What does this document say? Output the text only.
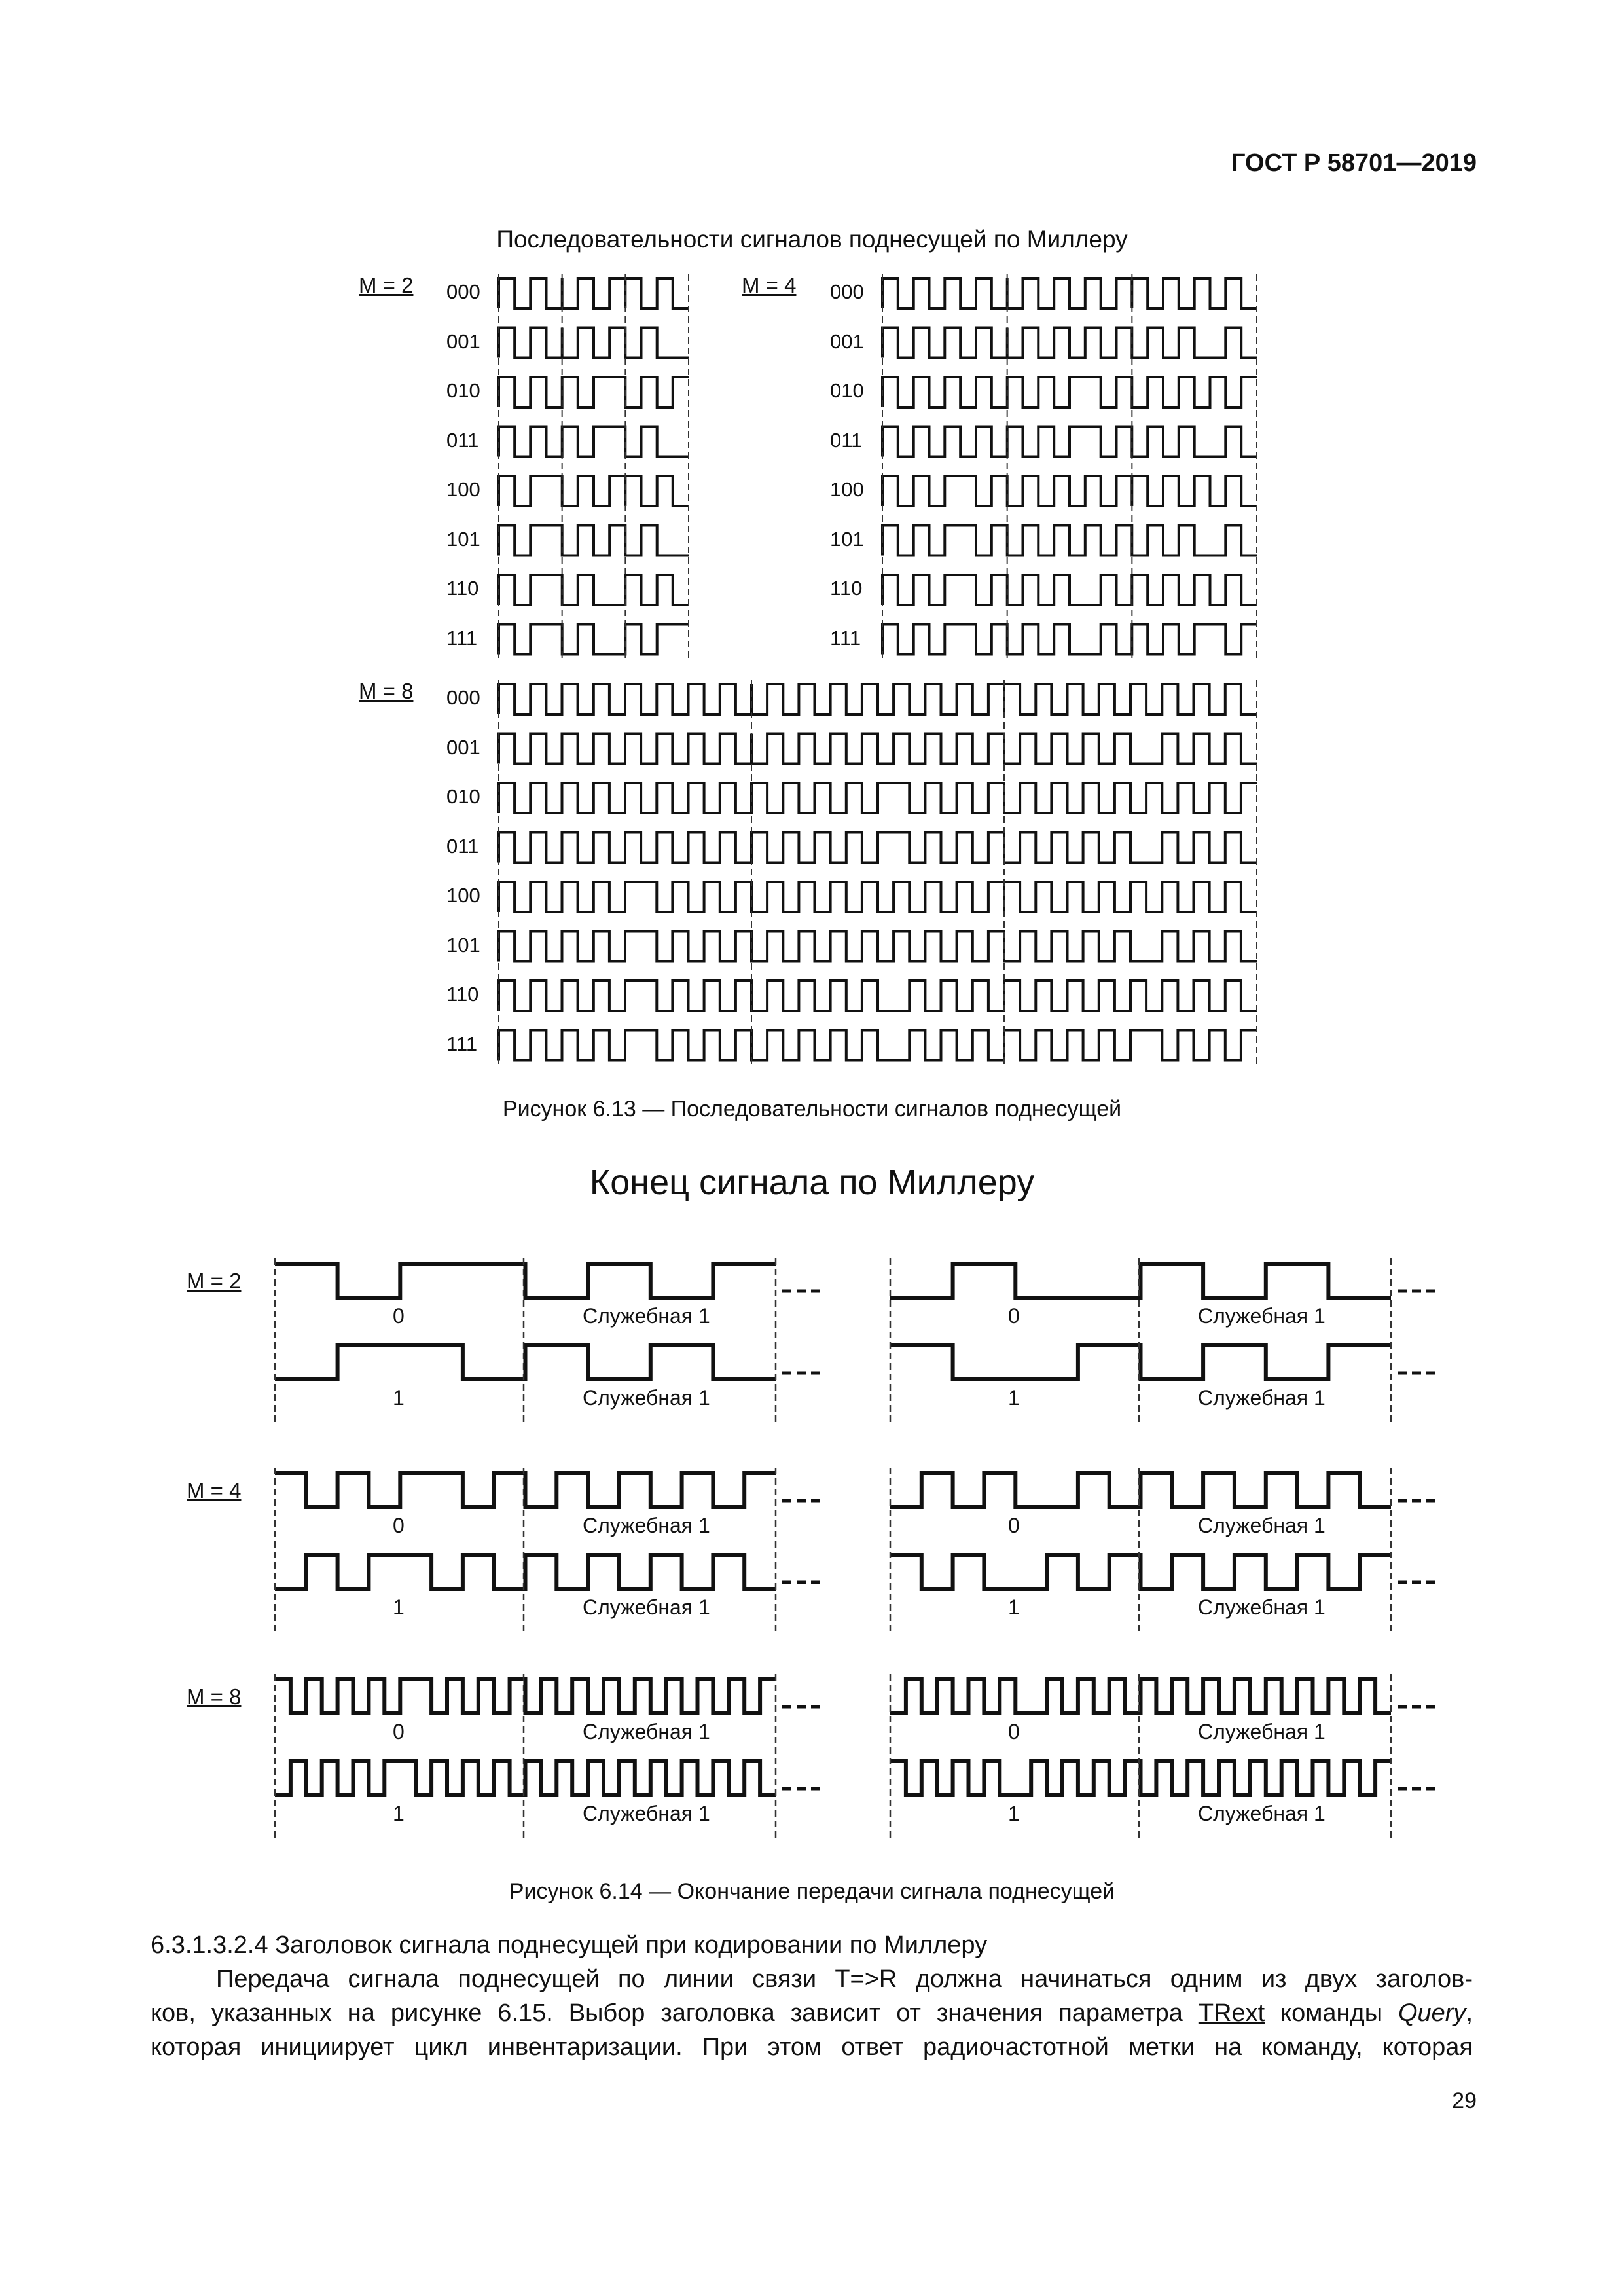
ГОСТ Р 58701—2019
Последовательности сигналов поднесущей по Миллеру
M = 2 000
001
010
011
100
101
110
111
M = 4 000
001
010
011
100
101
110
111
M = 8 000
001
010
011
100
101
110
111
Рисунок 6.13 — Последовательности сигналов поднесущей
Конец сигнала по Миллеру
M = 2
0	Служебная 1
1	Служебная 1
0	Служебная 1
1	Служебная 1
M = 4
0	Служебная 1
1	Служебная 1
0	Служебная 1
1	Служебная 1
M = 8
0	Служебная 1
1	Служебная 1
0	Служебная 1
1	Служебная 1
Рисунок 6.14 — Окончание передачи сигнала поднесущей

6.3.1.3.2.4 Заголовок сигнала поднесущей при кодировании по Миллеру

Передача сигнала поднесущей по линии связи T=>R должна начинаться одним из двух заголов-

ков, указанных на рисунке 6.15. Выбор заголовка зависит от значения параметра TRext команды Query,

которая инициирует цикл инвентаризации. При этом ответ радиочастотной метки на команду, которая

29
